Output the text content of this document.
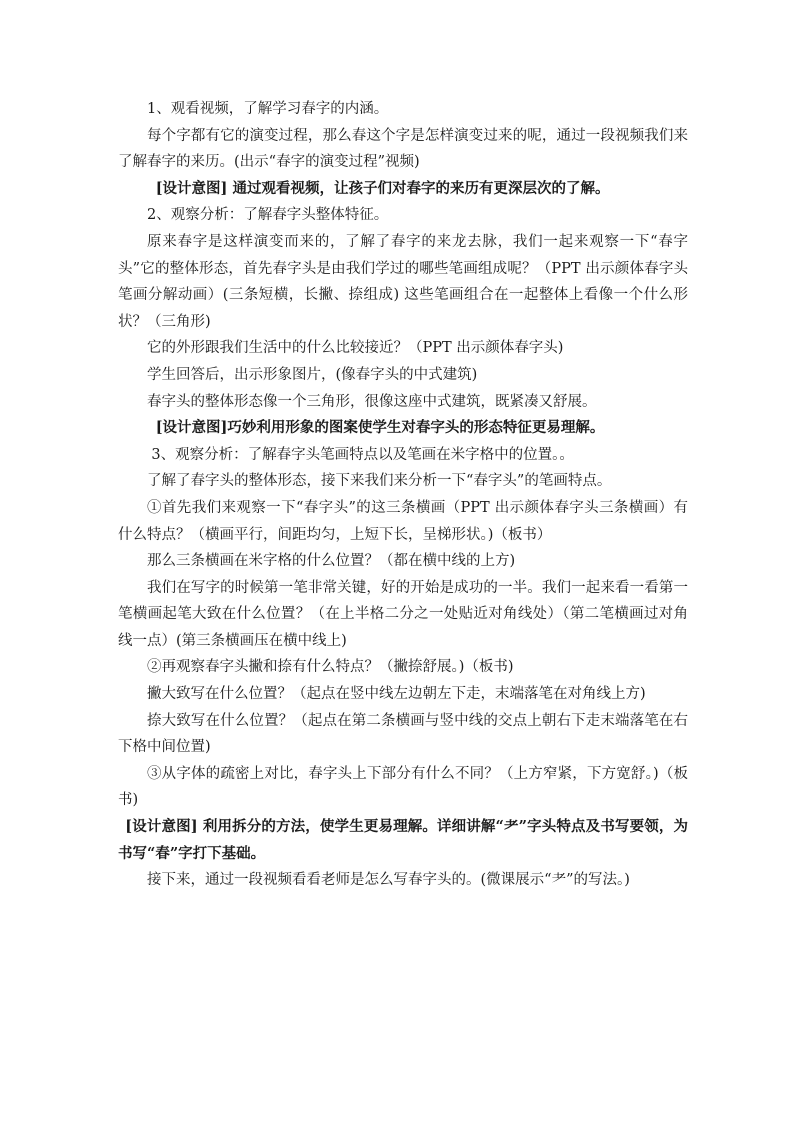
1、观看视频，了解学习春字的内涵。

每个字都有它的演变过程，那么春这个字是怎样演变过来的呢，通过一段视频我们来了解春字的来历。(出示“春字的演变过程”视频)

[设计意图] 通过观看视频，让孩子们对春字的来历有更深层次的了解。

2、观察分析：了解春字头整体特征。

原来春字是这样演变而来的，了解了春字的来龙去脉，我们一起来观察一下“春字头”它的整体形态，首先春字头是由我们学过的哪些笔画组成呢？（PPT 出示颜体春字头笔画分解动画）(三条短横，长撇、捺组成) 这些笔画组合在一起整体上看像一个什么形状？（三角形)

它的外形跟我们生活中的什么比较接近？（PPT 出示颜体春字头)

学生回答后，出示形象图片，(像春字头的中式建筑)

春字头的整体形态像一个三角形，很像这座中式建筑，既紧凑又舒展。

[设计意图]巧妙利用形象的图案使学生对春字头的形态特征更易理解。

3、观察分析：了解春字头笔画特点以及笔画在米字格中的位置。。

了解了春字头的整体形态，接下来我们来分析一下“春字头”的笔画特点。

①首先我们来观察一下“春字头”的这三条横画（PPT 出示颜体春字头三条横画）有什么特点？（横画平行，间距均匀，上短下长，呈梯形状。)（板书）

那么三条横画在米字格的什么位置？（都在横中线的上方)

我们在写字的时候第一笔非常关键，好的开始是成功的一半。我们一起来看一看第一笔横画起笔大致在什么位置？（在上半格二分之一处贴近对角线处）（第二笔横画过对角线一点）(第三条横画压在横中线上)

②再观察春字头撇和捺有什么特点？（撇捺舒展。)（板书)

撇大致写在什么位置？（起点在竖中线左边朝左下走，末端落笔在对角线上方)

捺大致写在什么位置？（起点在第二条横画与竖中线的交点上朝右下走末端落笔在右下格中间位置)

③从字体的疏密上对比，春字头上下部分有什么不同？（上方窄紧，下方宽舒。)（板书)

[设计意图] 利用拆分的方法，使学生更易理解。详细讲解“耂”字头特点及书写要领，为书写“春”字打下基础。

接下来，通过一段视频看看老师是怎么写春字头的。(微课展示“耂”的写法。)
